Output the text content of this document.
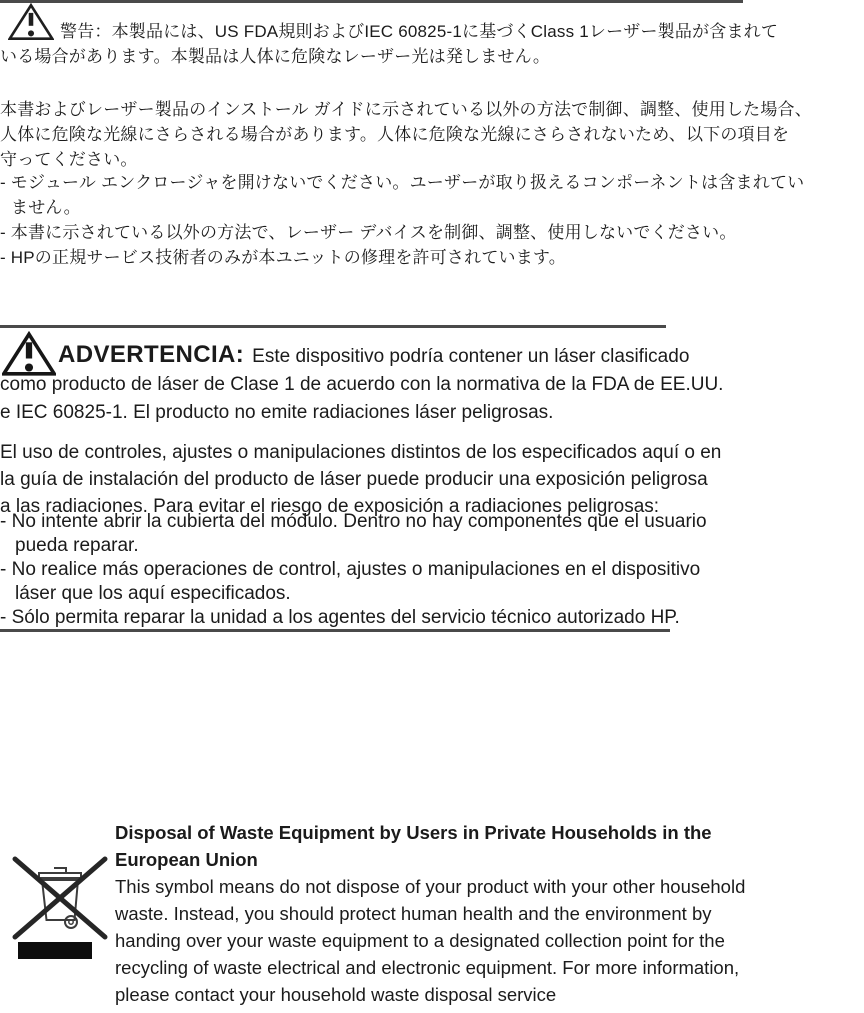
警告：本製品には、US FDA規則およびIEC 60825-1に基づくClass 1レーザー製品が含まれて
いる場合があります。本製品は人体に危険なレーザー光は発しません。
本書およびレーザー製品のインストール ガイドに示されている以外の方法で制御、調整、使用した場合、
人体に危険な光線にさらされる場合があります。人体に危険な光線にさらされないため、以下の項目を
守ってください。
- モジュール エンクロージャを開けないでください。ユーザーが取り扱えるコンポーネントは含まれてい
ません。
- 本書に示されている以外の方法で、レーザー デバイスを制御、調整、使用しないでください。
- HPの正規サービス技術者のみが本ユニットの修理を許可されています。
ADVERTENCIA: Este dispositivo podría contener un láser clasificado
como producto de láser de Clase 1 de acuerdo con la normativa de la FDA de EE.UU.
e IEC 60825-1. El producto no emite radiaciones láser peligrosas.
El uso de controles, ajustes o manipulaciones distintos de los especificados aquí o en
la guía de instalación del producto de láser puede producir una exposición peligrosa
a las radiaciones. Para evitar el riesgo de exposición a radiaciones peligrosas:
- No intente abrir la cubierta del módulo. Dentro no hay componentes que el usuario
pueda reparar.
- No realice más operaciones de control, ajustes o manipulaciones en el dispositivo
láser que los aquí especificados.
- Sólo permita reparar la unidad a los agentes del servicio técnico autorizado HP.
Disposal of Waste Equipment by Users in Private Households in the
European Union
This symbol means do not dispose of your product with your other household
waste. Instead, you should protect human health and the environment by
handing over your waste equipment to a designated collection point for the
recycling of waste electrical and electronic equipment. For more information,
please contact your household waste disposal service
